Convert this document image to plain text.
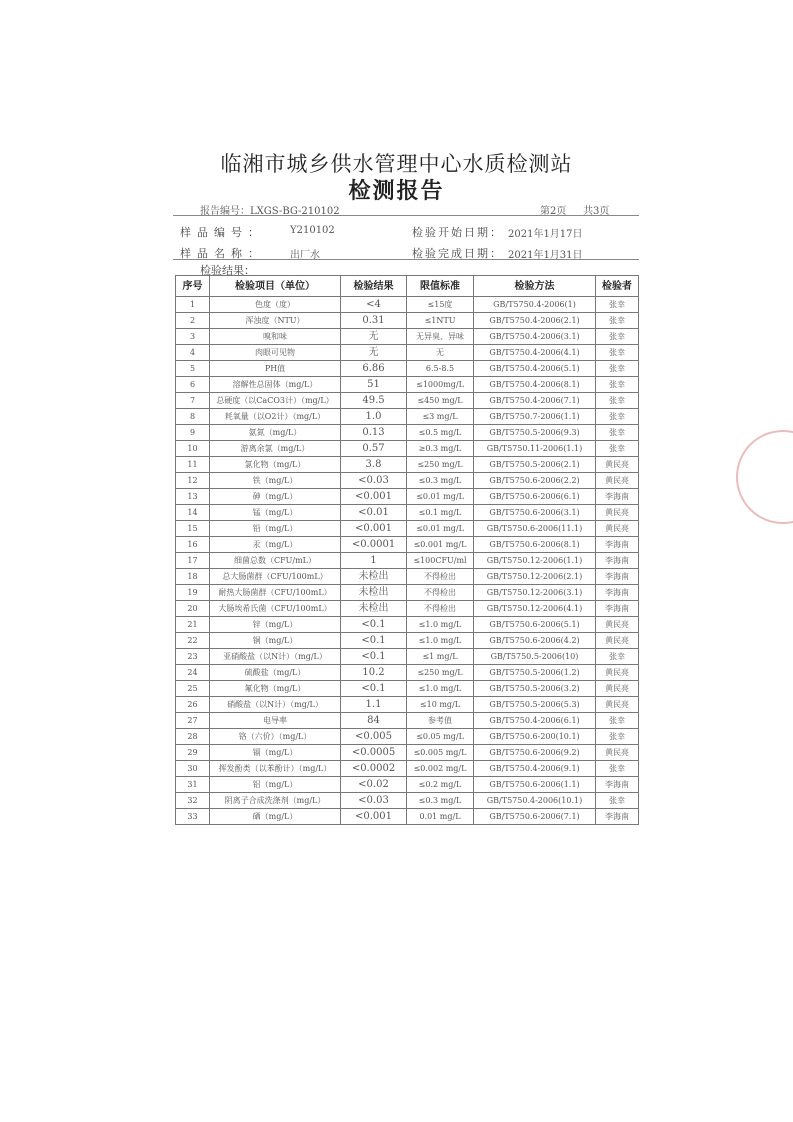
临湘市城乡供水管理中心水质检测站
检测报告
报告编号：LXGS-BG-210102	第2页 共3页
样品编号：	Y210102	检验开始日期： 2021年1月17日
样品名称：	出厂水	检验完成日期： 2021年1月31日
检验结果：
序号	检验项目（单位）	检验结果	限值标准	检验方法	检验者
1	色度（度）	<4	≤15度	GB/T5750.4-2006(1)	张幸
2	浑浊度（NTU）	0.31	≤1NTU	GB/T5750.4-2006(2.1)	张幸
3	嗅和味	无	无异臭、异味	GB/T5750.4-2006(3.1)	张幸
4	肉眼可见物	无	无	GB/T5750.4-2006(4.1)	张幸
5	PH值	6.86	6.5-8.5	GB/T5750.4-2006(5.1)	张幸
6	溶解性总固体（mg/L）	51	≤1000mg/L	GB/T5750.4-2006(8.1)	张幸
7	总硬度（以CaCO3计）（mg/L）	49.5	≤450 mg/L	GB/T5750.4-2006(7.1)	张幸
8	耗氧量（以O2计）（mg/L）	1.0	≤3 mg/L	GB/T5750.7-2006(1.1)	张幸
9	氨氮（mg/L）	0.13	≤0.5 mg/L	GB/T5750.5-2006(9.3)	张幸
10	游离余氯（mg/L）	0.57	≥0.3 mg/L	GB/T5750.11-2006(1.1)	张幸
11	氯化物（mg/L）	3.8	≤250 mg/L	GB/T5750.5-2006(2.1)	黄民亮
12	铁（mg/L）	<0.03	≤0.3 mg/L	GB/T5750.6-2006(2.2)	黄民亮
13	砷（mg/L）	<0.001	≤0.01 mg/L	GB/T5750.6-2006(6.1)	李海南
14	锰（mg/L）	<0.01	≤0.1 mg/L	GB/T5750.6-2006(3.1)	黄民亮
15	铅（mg/L）	<0.001	≤0.01 mg/L	GB/T5750.6-2006(11.1)	黄民亮
16	汞（mg/L）	<0.0001	≤0.001 mg/L	GB/T5750.6-2006(8.1)	李海南
17	细菌总数（CFU/mL）	1	≤100CFU/ml	GB/T5750.12-2006(1.1)	李海南
18	总大肠菌群（CFU/100mL）	未检出	不得检出	GB/T5750.12-2006(2.1)	李海南
19	耐热大肠菌群（CFU/100mL）	未检出	不得检出	GB/T5750.12-2006(3.1)	李海南
20	大肠埃希氏菌（CFU/100mL）	未检出	不得检出	GB/T5750.12-2006(4.1)	李海南
21	锌（mg/L）	<0.1	≤1.0 mg/L	GB/T5750.6-2006(5.1)	黄民亮
22	铜（mg/L）	<0.1	≤1.0 mg/L	GB/T5750.6-2006(4.2)	黄民亮
23	亚硝酸盐（以N计）（mg/L）	<0.1	≤1 mg/L	GB/T5750.5-2006(10)	张幸
24	硫酸盐（mg/L）	10.2	≤250 mg/L	GB/T5750.5-2006(1.2)	黄民亮
25	氟化物（mg/L）	<0.1	≤1.0 mg/L	GB/T5750.5-2006(3.2)	黄民亮
26	硝酸盐（以N计）（mg/L）	1.1	≤10 mg/L	GB/T5750.5-2006(5.3)	黄民亮
27	电导率	84	参考值	GB/T5750.4-2006(6.1)	张幸
28	铬（六价）（mg/L）	<0.005	≤0.05 mg/L	GB/T5750.6-200(10.1)	张幸
29	镉（mg/L）	<0.0005	≤0.005 mg/L	GB/T5750.6-2006(9.2)	黄民亮
30	挥发酚类（以苯酚计）（mg/L）	<0.0002	≤0.002 mg/L	GB/T5750.4-2006(9.1)	张幸
31	铝（mg/L）	<0.02	≤0.2 mg/L	GB/T5750.6-2006(1.1)	李海南
32	阴离子合成洗涤剂（mg/L）	<0.03	≤0.3 mg/L	GB/T5750.4-2006(10.1)	张幸
33	硒（mg/L）	<0.001	0.01 mg/L	GB/T5750.6-2006(7.1)	李海南
